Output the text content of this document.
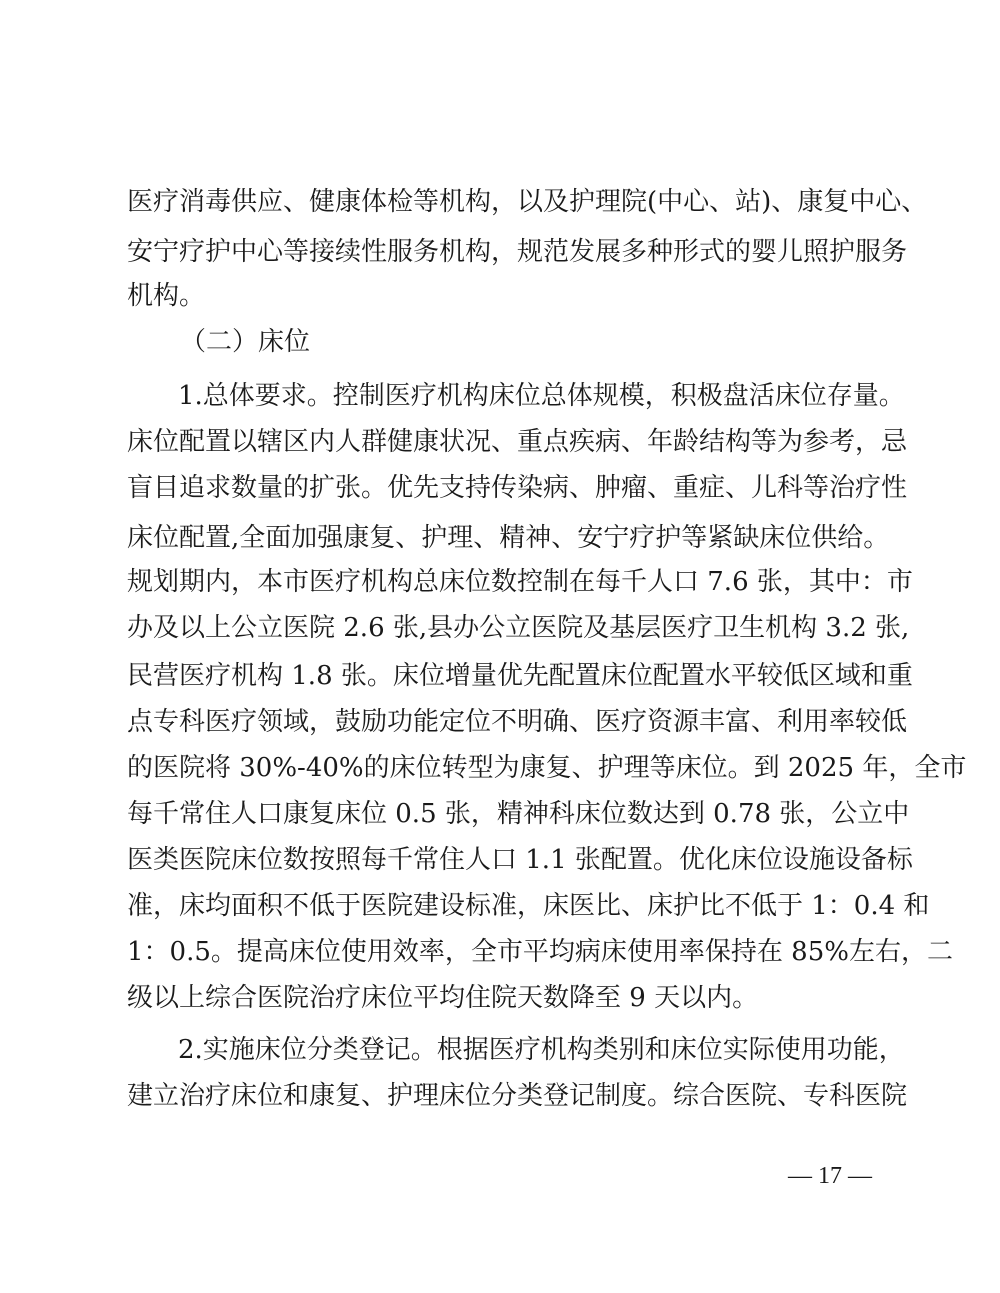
医疗消毒供应、健康体检等机构，以及护理院(中心、站)、康复中心、
安宁疗护中心等接续性服务机构，规范发展多种形式的婴儿照护服务
机构。
（二）床位
1.总体要求。控制医疗机构床位总体规模，积极盘活床位存量。
床位配置以辖区内人群健康状况、重点疾病、年龄结构等为参考，忌
盲目追求数量的扩张。优先支持传染病、肿瘤、重症、儿科等治疗性
床位配置,全面加强康复、护理、精神、安宁疗护等紧缺床位供给。
规划期内，本市医疗机构总床位数控制在每千人口 7.6 张，其中：市
办及以上公立医院 2.6 张,县办公立医院及基层医疗卫生机构 3.2 张,
民营医疗机构 1.8 张。床位增量优先配置床位配置水平较低区域和重
点专科医疗领域，鼓励功能定位不明确、医疗资源丰富、利用率较低
的医院将 30%-40%的床位转型为康复、护理等床位。到 2025 年，全市
每千常住人口康复床位 0.5 张，精神科床位数达到 0.78 张，公立中
医类医院床位数按照每千常住人口 1.1 张配置。优化床位设施设备标
准，床均面积不低于医院建设标准，床医比、床护比不低于 1：0.4 和
1：0.5。提高床位使用效率，全市平均病床使用率保持在 85%左右，二
级以上综合医院治疗床位平均住院天数降至 9 天以内。
2.实施床位分类登记。根据医疗机构类别和床位实际使用功能，
建立治疗床位和康复、护理床位分类登记制度。综合医院、专科医院
— 17 —
